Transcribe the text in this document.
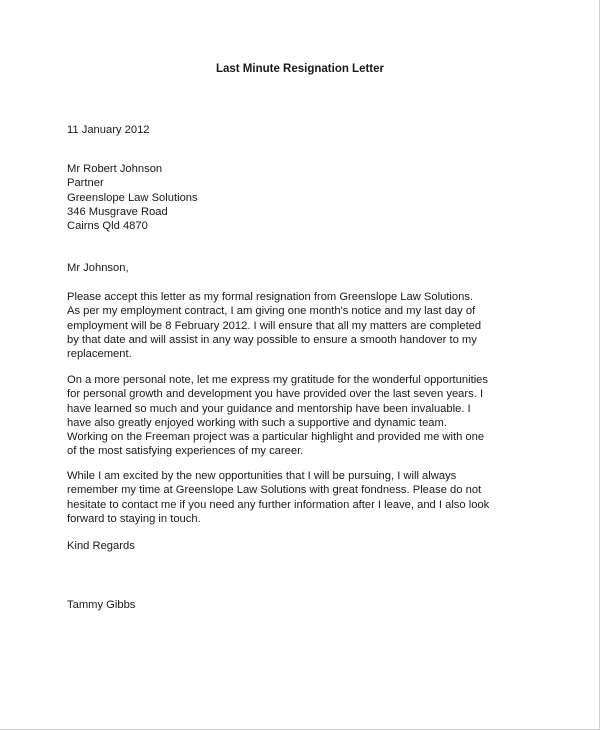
Last Minute Resignation Letter
11 January 2012
Mr Robert Johnson
Partner
Greenslope Law Solutions
346 Musgrave Road
Cairns Qld 4870
Mr Johnson,
Please accept this letter as my formal resignation from Greenslope Law Solutions.
As per my employment contract, I am giving one month's notice and my last day of
employment will be 8 February 2012. I will ensure that all my matters are completed
by that date and will assist in any way possible to ensure a smooth handover to my
replacement.
On a more personal note, let me express my gratitude for the wonderful opportunities
for personal growth and development you have provided over the last seven years. I
have learned so much and your guidance and mentorship have been invaluable. I
have also greatly enjoyed working with such a supportive and dynamic team.
Working on the Freeman project was a particular highlight and provided me with one
of the most satisfying experiences of my career.
While I am excited by the new opportunities that I will be pursuing, I will always
remember my time at Greenslope Law Solutions with great fondness. Please do not
hesitate to contact me if you need any further information after I leave, and I also look
forward to staying in touch.
Kind Regards
Tammy Gibbs
